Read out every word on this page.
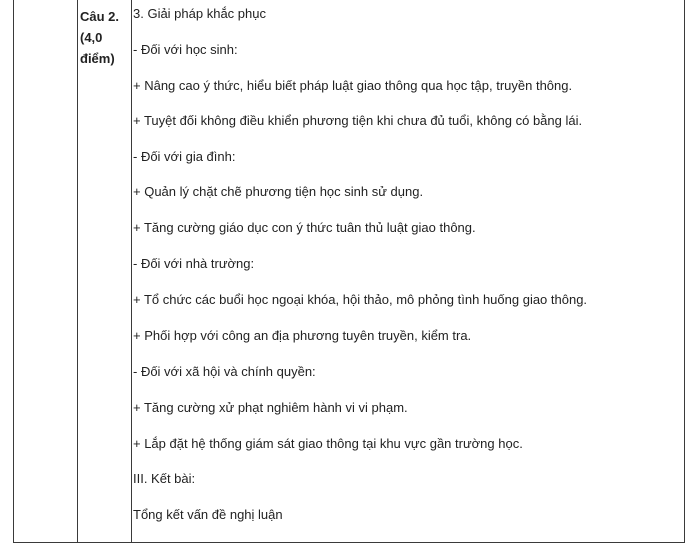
Câu 2.
(4,0
điểm)
3. Giải pháp khắc phục
- Đối với học sinh:
+ Nâng cao ý thức, hiểu biết pháp luật giao thông qua học tập, truyền thông.
+ Tuyệt đối không điều khiển phương tiện khi chưa đủ tuổi, không có bằng lái.
- Đối với gia đình:
+ Quản lý chặt chẽ phương tiện học sinh sử dụng.
+ Tăng cường giáo dục con ý thức tuân thủ luật giao thông.
- Đối với nhà trường:
+ Tổ chức các buổi học ngoại khóa, hội thảo, mô phỏng tình huống giao thông.
+ Phối hợp với công an địa phương tuyên truyền, kiểm tra.
- Đối với xã hội và chính quyền:
+ Tăng cường xử phạt nghiêm hành vi vi phạm.
+ Lắp đặt hệ thống giám sát giao thông tại khu vực gần trường học.
III. Kết bài:
Tổng kết vấn đề nghị luận
